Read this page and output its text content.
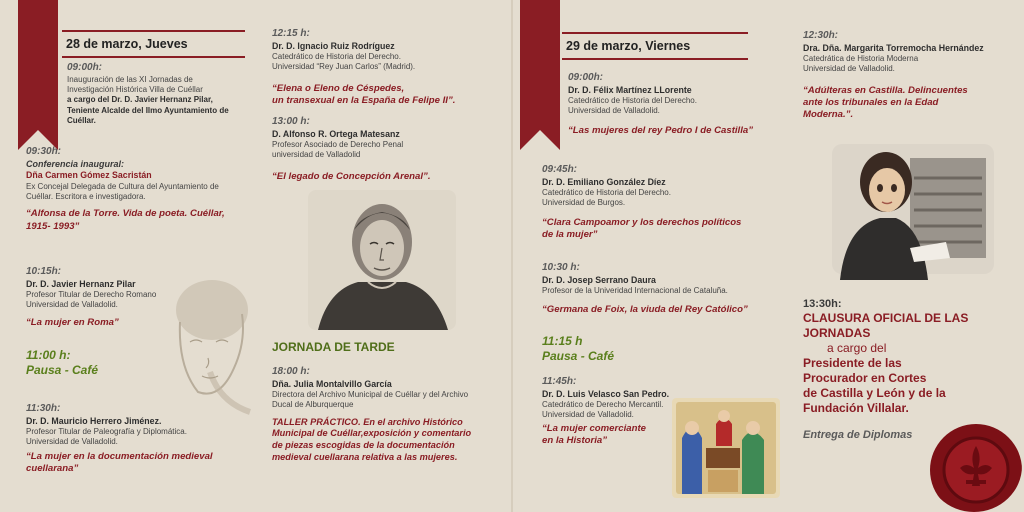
28 de marzo, Jueves
09:00h:
Inauguración de las XI Jornadas de
Investigación Histórica Villa de Cuéllar
a cargo del Dr. D. Javier Hernanz Pilar,
Teniente Alcalde del Ilmo Ayuntamiento de
Cuéllar.
09:30h:
Conferencia inaugural:
Dña Carmen Gómez Sacristán
Ex Concejal Delegada de Cultura del Ayuntamiento de
Cuéllar. Escritora e investigadora.
“Alfonsa de la Torre. Vida de poeta. Cuéllar,
1915- 1993”
10:15h:
Dr. D. Javier Hernanz Pilar
Profesor Titular de Derecho Romano
Universidad de Valladolid.
“La mujer en Roma”
11:00 h:
Pausa - Café
11:30h:
Dr. D. Mauricio Herrero Jiménez.
Profesor Titular de Paleografía y Diplomática.
Universidad de Valladolid.
“La mujer en la documentación medieval
cuellarana”
12:15 h:
Dr. D. Ignacio Ruiz Rodríguez
Catedrático de Historia del Derecho.
Universidad “Rey Juan Carlos” (Madrid).
“Elena o Eleno de Céspedes,
un transexual en la España de Felipe II”.
13:00 h:
D. Alfonso R. Ortega Matesanz
Profesor Asociado de Derecho Penal
universidad de Valladolid
“El legado de Concepción Arenal”.
JORNADA DE TARDE
18:00 h:
Dña. Julia Montalvillo García
Directora del Archivo Municipal de Cuéllar y del Archivo
Ducal de Alburquerque
TALLER PRÁCTICO. En el archivo Histórico
Municipal de Cuéllar,exposición y comentario
de piezas escogidas de la documentación
medieval cuellarana relativa a las mujeres.
29 de marzo, Viernes
09:00h:
Dr. D. Félix Martínez LLorente
Catedrático de Historia del Derecho.
Universidad de Valladolid.
“Las mujeres del rey Pedro I de Castilla”
09:45h:
Dr. D. Emiliano González Díez
Catedrático de Historia del Derecho.
Universidad de Burgos.
“Clara Campoamor y los derechos políticos
de la mujer”
10:30 h:
Dr. D. Josep Serrano Daura
Profesor de la Univeridad Internacional de Cataluña.
“Germana de Foix, la viuda del Rey Católico”
11:15 h
Pausa - Café
11:45h:
Dr. D. Luis Velasco San Pedro.
Catedrático de Derecho Mercantil.
Universidad de Valladolid.
“La mujer comerciante
en la Historia”
12:30h:
Dra. Dña. Margarita Torremocha Hernández
Catedrática de Historia Moderna
Universidad de Valladolid.
“Adúlteras en Castilla. Delincuentes
ante los tribunales en la Edad
Moderna.”.
13:30h:
CLAUSURA OFICIAL DE LAS
JORNADAS
a cargo del
Presidente de las
Procurador en Cortes
de Castilla y León y de la
Fundación Villalar.
Entrega de Diplomas
